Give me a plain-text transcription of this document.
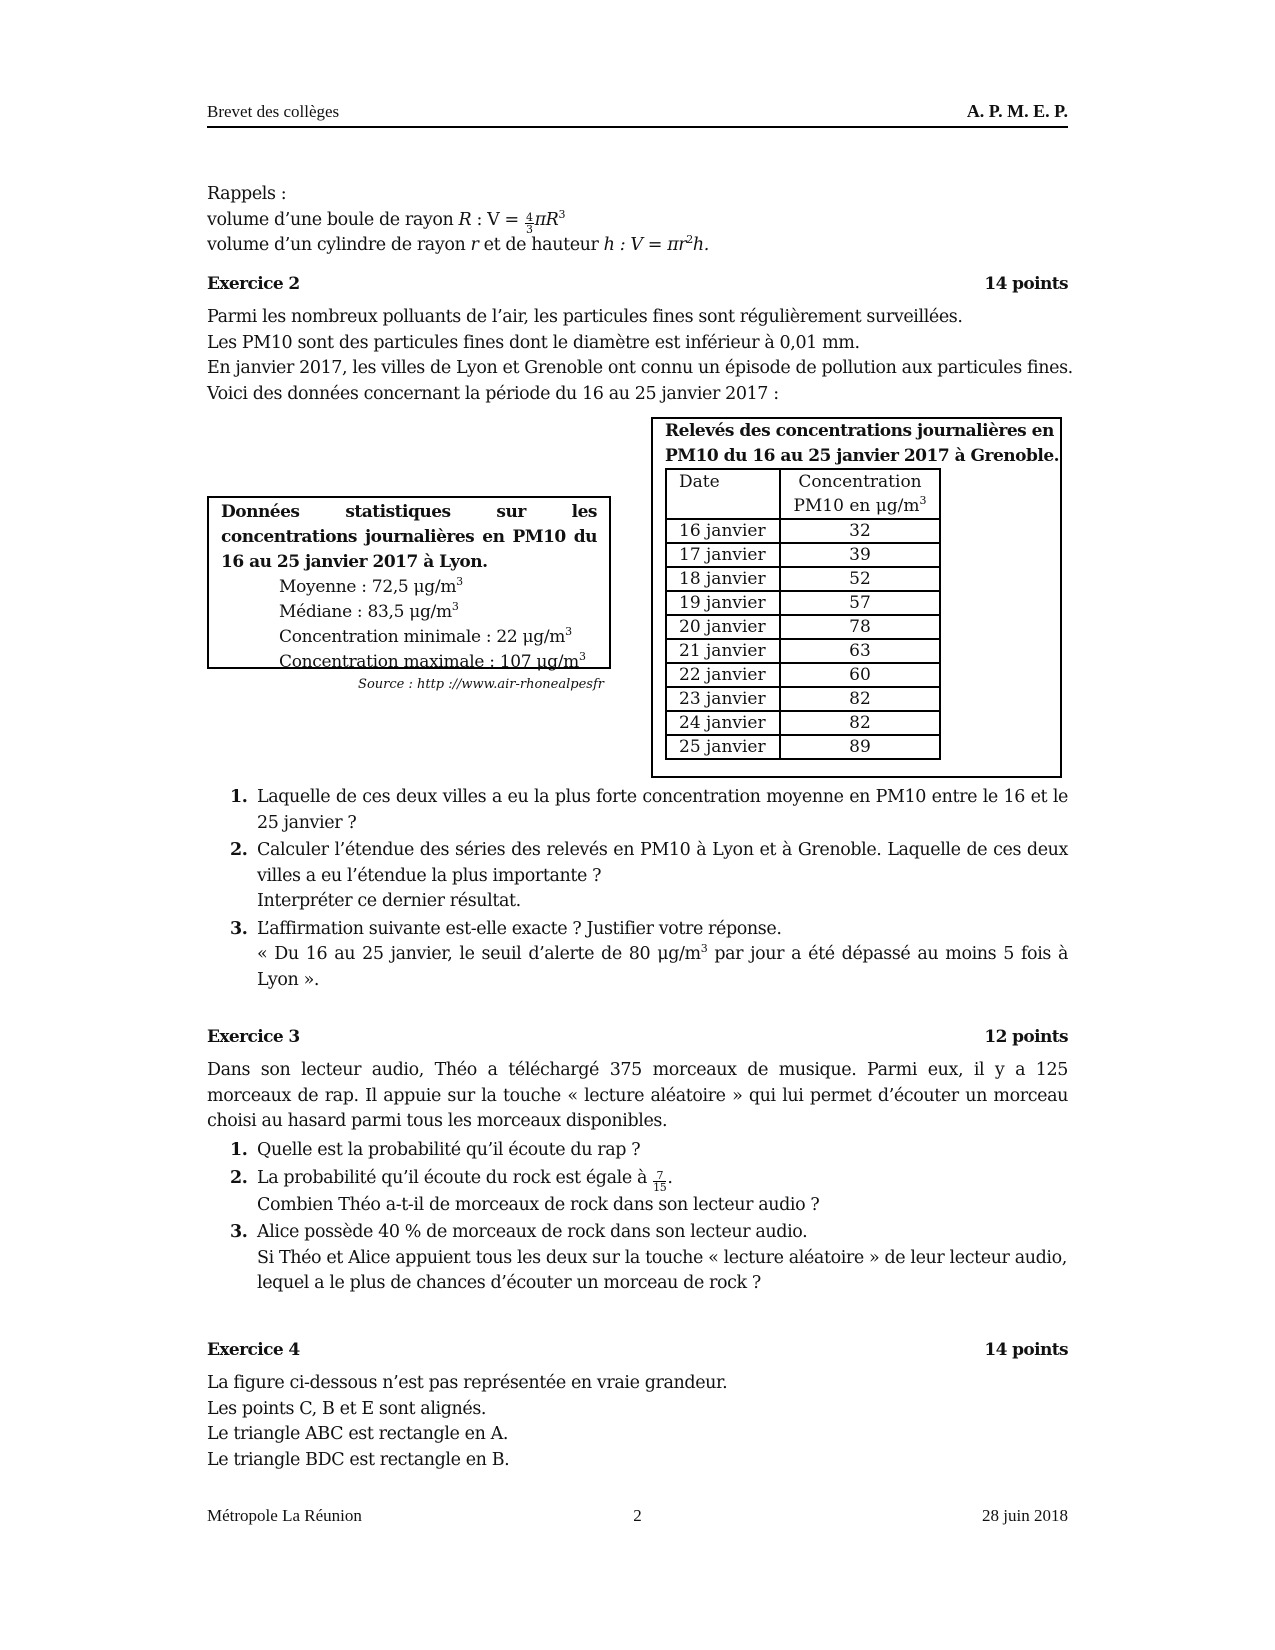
Brevet des collèges	A. P. M. E. P.
Rappels :
volume d’une boule de rayon R : $V = \frac{4}{3} \pi R^3$
volume d’un cylindre de rayon r et de hauteur h : $V = \pi r^2h$.
Exercice 2	14 points
Parmi les nombreux polluants de l’air, les particules fines sont régulièrement surveillées.
Les PM10 sont des particules fines dont le diamètre est inférieur à 0,01 mm.
En janvier 2017, les villes de Lyon et Grenoble ont connu un épisode de pollution aux particules fines.
Voici des données concernant la période du 16 au 25 janvier 2017 :
Données statistiques sur les concentrations journalières en PM10 du 16 au 25 janvier 2017 à Lyon.
Moyenne : 72,5 $\mu g/m^3$
Médiane : 83,5 $\mu g/m^3$
Concentration minimale : 22 $\mu g/m^3$
Concentration maximale : 107 $\mu g/m^3$
Source : http ://www.air-rhonealpesfr
Relevés des concentrations journalières en
PM10 du 16 au 25 janvier 2017 à Grenoble.
Date	Concentration
PM10 en $\mu g/m^3$
16 janvier	32
17 janvier	39
18 janvier	52
19 janvier	57
20 janvier	78
21 janvier	63
22 janvier	60
23 janvier	82
24 janvier	82
25 janvier	89
1. Laquelle de ces deux villes a eu la plus forte concentration moyenne en PM10 entre le 16 et le 25 janvier ?
2. Calculer l’étendue des séries des relevés en PM10 à Lyon et à Grenoble. Laquelle de ces deux villes a eu l’étendue la plus importante ?
Interpréter ce dernier résultat.
3. L’affirmation suivante est-elle exacte ? Justifier votre réponse.
« Du 16 au 25 janvier, le seuil d’alerte de 80 $\mu g/m^3$ par jour a été dépassé au moins 5 fois à Lyon ».
Exercice 3	12 points
Dans son lecteur audio, Théo a téléchargé 375 morceaux de musique. Parmi eux, il y a 125 morceaux de rap. Il appuie sur la touche « lecture aléatoire » qui lui permet d’écouter un morceau choisi au hasard parmi tous les morceaux disponibles.
1. Quelle est la probabilité qu’il écoute du rap ?
2. La probabilité qu’il écoute du rock est égale à $\frac{7}{15}$ .
Combien Théo a-t-il de morceaux de rock dans son lecteur audio ?
3. Alice possède 40 % de morceaux de rock dans son lecteur audio.
Si Théo et Alice appuient tous les deux sur la touche « lecture aléatoire » de leur lecteur audio, lequel a le plus de chances d’écouter un morceau de rock ?
Exercice 4	14 points
La figure ci-dessous n’est pas représentée en vraie grandeur.
Les points C, B et E sont alignés.
Le triangle ABC est rectangle en A.
Le triangle BDC est rectangle en B.
Métropole La Réunion	2	28 juin 2018
